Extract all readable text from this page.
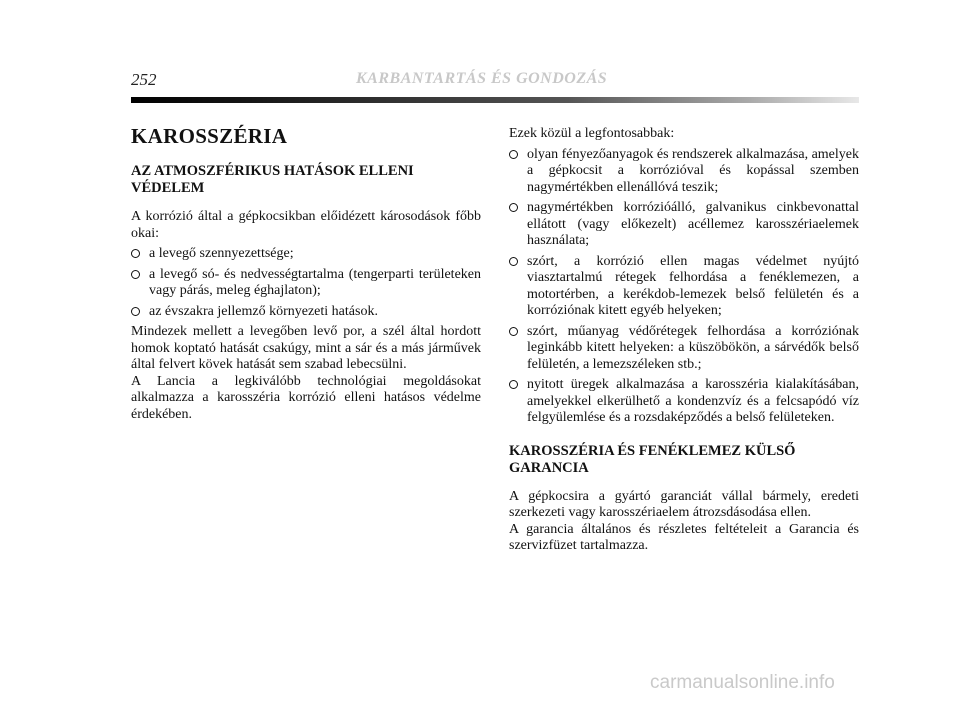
252	KARBANTARTÁS ÉS GONDOZÁS
KAROSSZÉRIA
AZ ATMOSZFÉRIKUS HATÁSOK ELLENI VÉDELEM

A korrózió által a gépkocsikban előidézett károsodások főbb okai:

a levegő szennyezettsége;
a levegő só- és nedvességtartalma (tengerparti területeken vagy párás, meleg éghajlaton);
az évszakra jellemző környezeti hatások.

Mindezek mellett a levegőben levő por, a szél által hordott homok koptató hatását csakúgy, mint a sár és a más járművek által felvert kövek hatását sem szabad lebecsülni.

A Lancia a legkiválóbb technológiai megoldásokat alkalmazza a karosszéria korrózió elleni hatásos védelme érdekében.

Ezek közül a legfontosabbak:

olyan fényezőanyagok és rendszerek alkalmazása, amelyek a gépkocsit a korrózióval és kopással szemben nagymértékben ellenállóvá teszik;
nagymértékben korrózióálló, galvanikus cinkbevonattal ellátott (vagy előkezelt) acéllemez karosszériaelemek használata;
szórt, a korrózió ellen magas védelmet nyújtó viasztartalmú rétegek felhordása a fenéklemezen, a motortérben, a kerékdob-lemezek belső felületén és a korróziónak kitett egyéb helyeken;
szórt, műanyag védőrétegek felhordása a korróziónak leginkább kitett helyeken: a küszöbökön, a sárvédők belső felületén, a lemezszéleken stb.;
nyitott üregek alkalmazása a karosszéria kialakításában, amelyekkel elkerülhető a kondenzvíz és a felcsapódó víz felgyülemlése és a rozsdaképződés a belső felületeken.
KAROSSZÉRIA ÉS FENÉKLEMEZ KÜLSŐ GARANCIA

A gépkocsira a gyártó garanciát vállal bármely, eredeti szerkezeti vagy karosszériaelem átrozsdásodása ellen.

A garancia általános és részletes feltételeit a Garancia és szervizfüzet tartalmazza.

carmanualsonline.info
